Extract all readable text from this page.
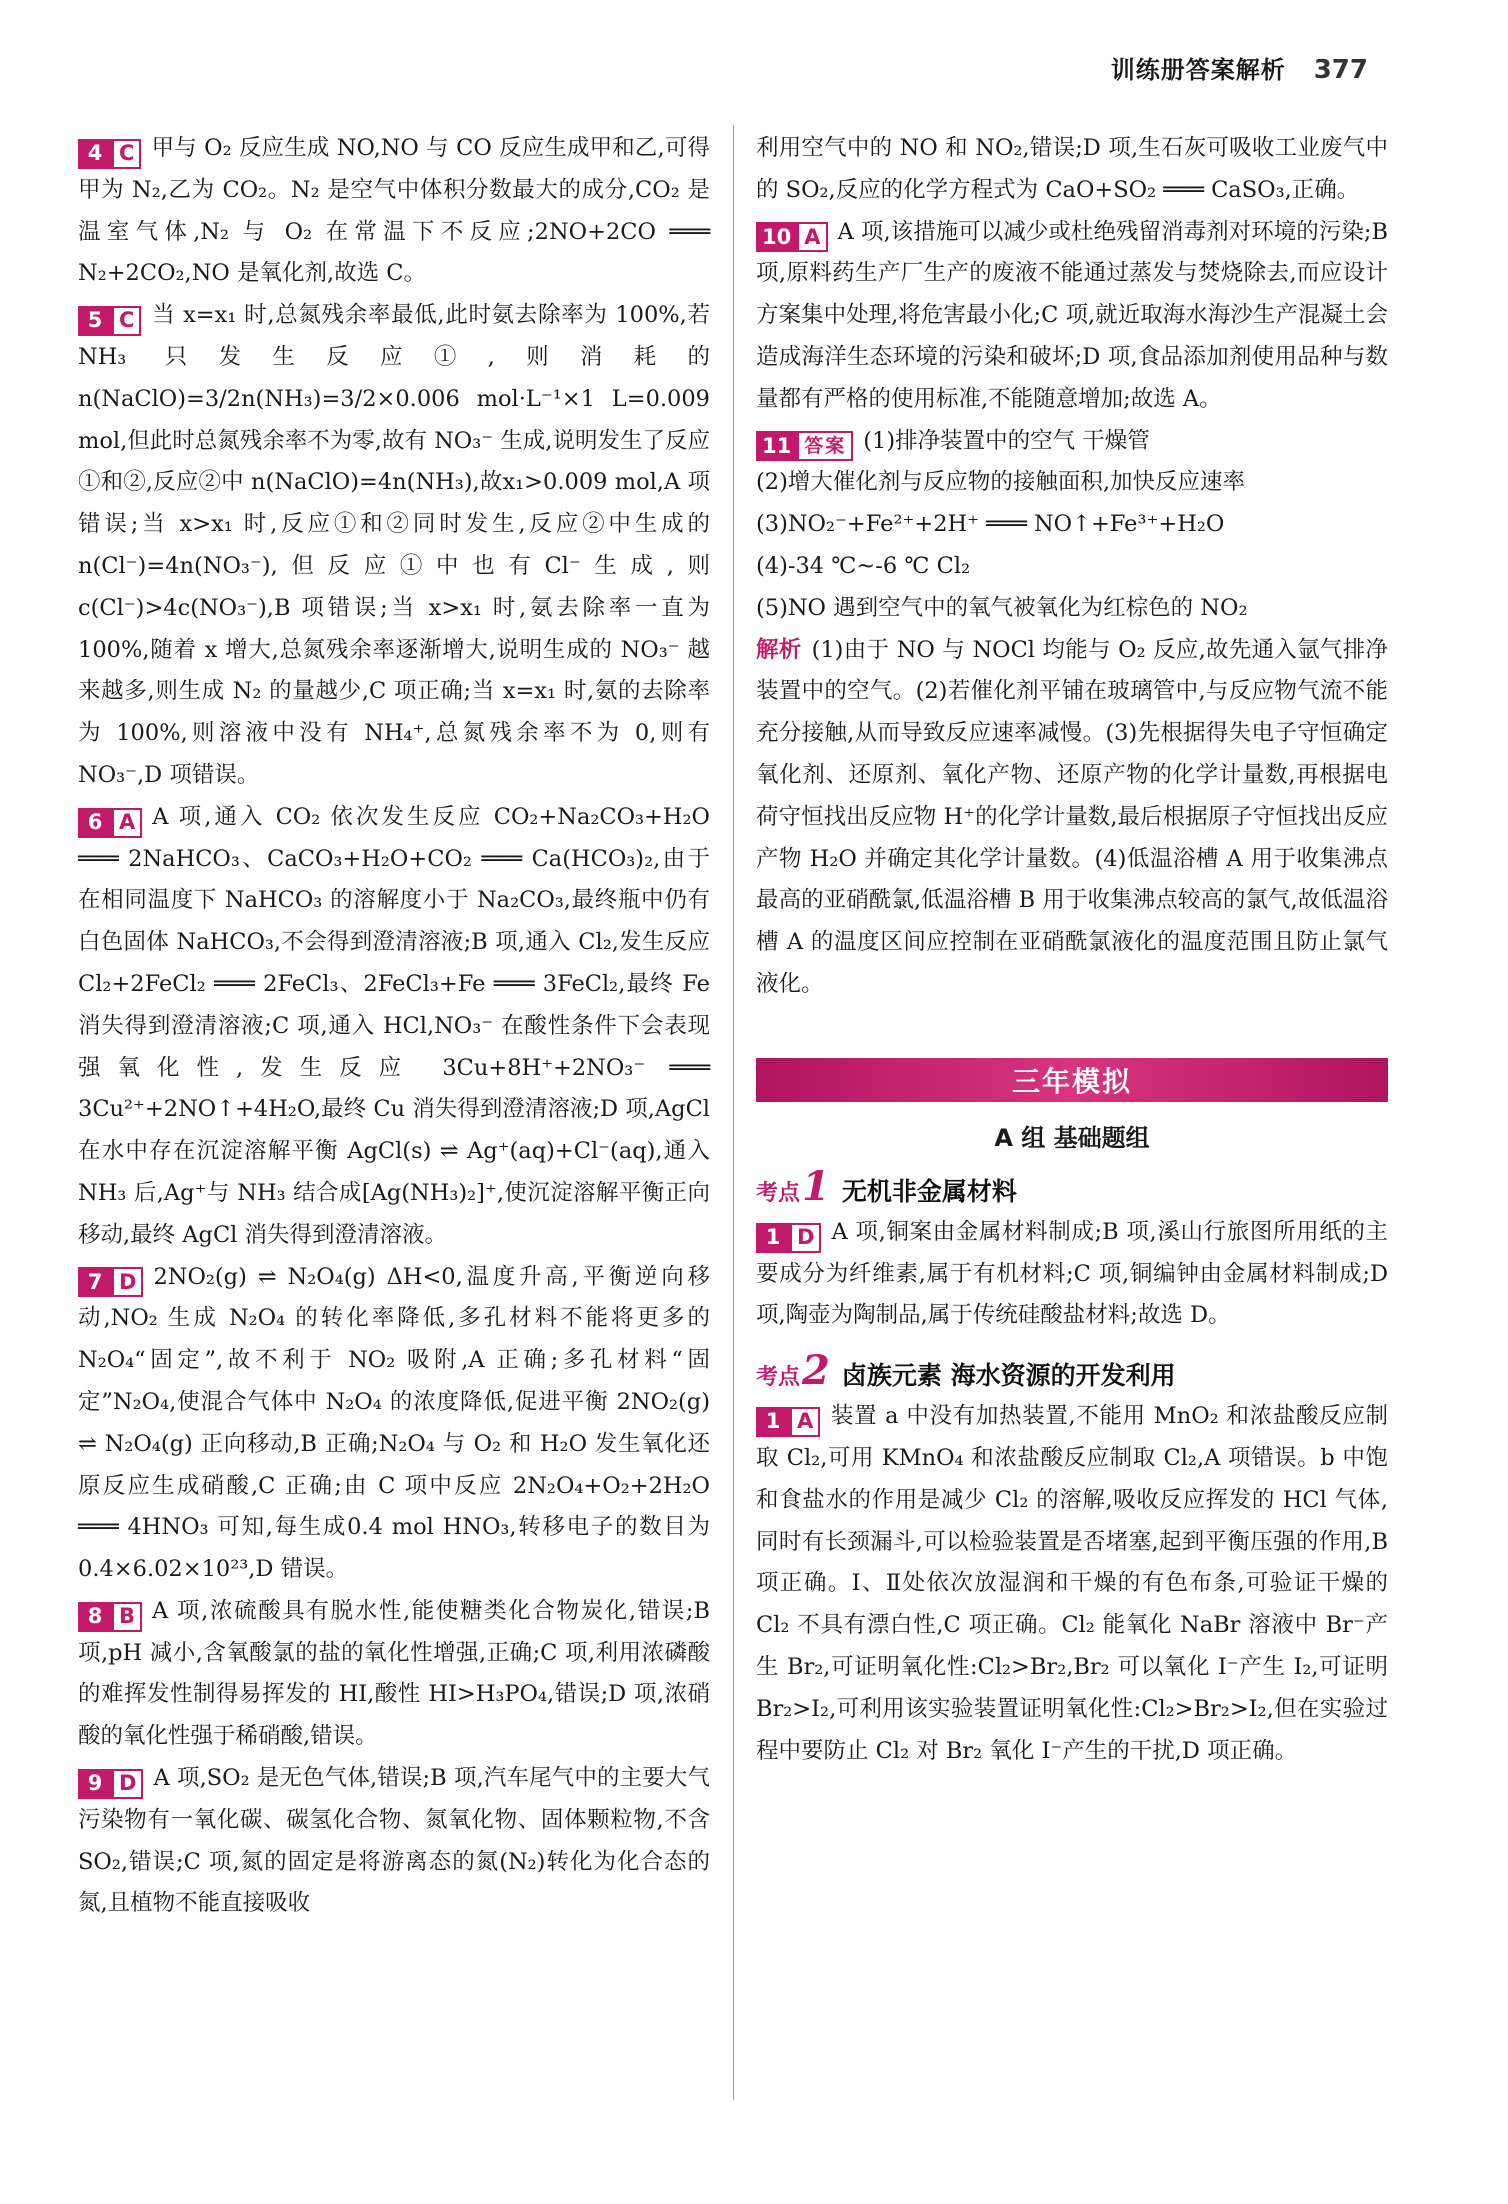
训练册答案解析 377

4 C 甲与 O₂ 反应生成 NO,NO 与 CO 反应生成甲和乙,可得甲为 N₂,乙为 CO₂。N₂ 是空气中体积分数最大的成分,CO₂ 是温室气体,N₂ 与 O₂ 在常温下不反应;2NO+2CO ═══ N₂+2CO₂,NO 是氧化剂,故选 C。

5 C 当 x=x₁ 时,总氮残余率最低,此时氨去除率为 100%,若 NH₃ 只发生反应①,则消耗的 n(NaClO)=3/2n(NH₃)=3/2×0.006 mol·L⁻¹×1 L=0.009 mol,但此时总氮残余率不为零,故有 NO₃⁻ 生成,说明发生了反应①和②,反应②中 n(NaClO)=4n(NH₃),故x₁>0.009 mol,A 项错误;当 x>x₁ 时,反应①和②同时发生,反应②中生成的 n(Cl⁻)=4n(NO₃⁻),但反应①中也有Cl⁻生成,则 c(Cl⁻)>4c(NO₃⁻),B 项错误;当 x>x₁ 时,氨去除率一直为 100%,随着 x 增大,总氮残余率逐渐增大,说明生成的 NO₃⁻ 越来越多,则生成 N₂ 的量越少,C 项正确;当 x=x₁ 时,氨的去除率为 100%,则溶液中没有 NH₄⁺,总氮残余率不为 0,则有 NO₃⁻,D 项错误。

6 A A 项,通入 CO₂ 依次发生反应 CO₂+Na₂CO₃+H₂O ═══ 2NaHCO₃、CaCO₃+H₂O+CO₂ ═══ Ca(HCO₃)₂,由于在相同温度下 NaHCO₃ 的溶解度小于 Na₂CO₃,最终瓶中仍有白色固体 NaHCO₃,不会得到澄清溶液;B 项,通入 Cl₂,发生反应 Cl₂+2FeCl₂ ═══ 2FeCl₃、2FeCl₃+Fe ═══ 3FeCl₂,最终 Fe 消失得到澄清溶液;C 项,通入 HCl,NO₃⁻ 在酸性条件下会表现强氧化性,发生反应 3Cu+8H⁺+2NO₃⁻ ═══ 3Cu²⁺+2NO↑+4H₂O,最终 Cu 消失得到澄清溶液;D 项,AgCl 在水中存在沉淀溶解平衡 AgCl(s) ⇌ Ag⁺(aq)+Cl⁻(aq),通入 NH₃ 后,Ag⁺与 NH₃ 结合成[Ag(NH₃)₂]⁺,使沉淀溶解平衡正向移动,最终 AgCl 消失得到澄清溶液。

7 D 2NO₂(g) ⇌ N₂O₄(g) ΔH<0,温度升高,平衡逆向移动,NO₂ 生成 N₂O₄ 的转化率降低,多孔材料不能将更多的 N₂O₄“固定”,故不利于 NO₂ 吸附,A 正确;多孔材料“固定”N₂O₄,使混合气体中 N₂O₄ 的浓度降低,促进平衡 2NO₂(g) ⇌ N₂O₄(g) 正向移动,B 正确;N₂O₄ 与 O₂ 和 H₂O 发生氧化还原反应生成硝酸,C 正确;由 C 项中反应 2N₂O₄+O₂+2H₂O ═══ 4HNO₃ 可知,每生成0.4 mol HNO₃,转移电子的数目为 0.4×6.02×10²³,D 错误。

8 B A 项,浓硫酸具有脱水性,能使糖类化合物炭化,错误;B 项,pH 减小,含氧酸氯的盐的氧化性增强,正确;C 项,利用浓磷酸的难挥发性制得易挥发的 HI,酸性 HI>H₃PO₄,错误;D 项,浓硝酸的氧化性强于稀硝酸,错误。

9 D A 项,SO₂ 是无色气体,错误;B 项,汽车尾气中的主要大气污染物有一氧化碳、碳氢化合物、氮氧化物、固体颗粒物,不含 SO₂,错误;C 项,氮的固定是将游离态的氮(N₂)转化为化合态的氮,且植物不能直接吸收

利用空气中的 NO 和 NO₂,错误;D 项,生石灰可吸收工业废气中的 SO₂,反应的化学方程式为 CaO+SO₂ ═══ CaSO₃,正确。

10 A A 项,该措施可以减少或杜绝残留消毒剂对环境的污染;B 项,原料药生产厂生产的废液不能通过蒸发与焚烧除去,而应设计方案集中处理,将危害最小化;C 项,就近取海水海沙生产混凝土会造成海洋生态环境的污染和破坏;D 项,食品添加剂使用品种与数量都有严格的使用标准,不能随意增加;故选 A。

11 答案 (1)排净装置中的空气 干燥管

(2)增大催化剂与反应物的接触面积,加快反应速率

(3)NO₂⁻+Fe²⁺+2H⁺ ═══ NO↑+Fe³⁺+H₂O

(4)-34 ℃~-6 ℃ Cl₂

(5)NO 遇到空气中的氧气被氧化为红棕色的 NO₂

解析 (1)由于 NO 与 NOCl 均能与 O₂ 反应,故先通入氩气排净装置中的空气。(2)若催化剂平铺在玻璃管中,与反应物气流不能充分接触,从而导致反应速率减慢。(3)先根据得失电子守恒确定氧化剂、还原剂、氧化产物、还原产物的化学计量数,再根据电荷守恒找出反应物 H⁺的化学计量数,最后根据原子守恒找出反应产物 H₂O 并确定其化学计量数。(4)低温浴槽 A 用于收集沸点最高的亚硝酰氯,低温浴槽 B 用于收集沸点较高的氯气,故低温浴槽 A 的温度区间应控制在亚硝酰氯液化的温度范围且防止氯气液化。

三年模拟
A 组 基础题组
考点 1 无机非金属材料

1 D A 项,铜案由金属材料制成;B 项,溪山行旅图所用纸的主要成分为纤维素,属于有机材料;C 项,铜编钟由金属材料制成;D 项,陶壶为陶制品,属于传统硅酸盐材料;故选 D。

考点 2 卤族元素 海水资源的开发利用

1 A 装置 a 中没有加热装置,不能用 MnO₂ 和浓盐酸反应制取 Cl₂,可用 KMnO₄ 和浓盐酸反应制取 Cl₂,A 项错误。b 中饱和食盐水的作用是减少 Cl₂ 的溶解,吸收反应挥发的 HCl 气体,同时有长颈漏斗,可以检验装置是否堵塞,起到平衡压强的作用,B 项正确。Ⅰ、Ⅱ处依次放湿润和干燥的有色布条,可验证干燥的 Cl₂ 不具有漂白性,C 项正确。Cl₂ 能氧化 NaBr 溶液中 Br⁻产生 Br₂,可证明氧化性:Cl₂>Br₂,Br₂ 可以氧化 I⁻产生 I₂,可证明 Br₂>I₂,可利用该实验装置证明氧化性:Cl₂>Br₂>I₂,但在实验过程中要防止 Cl₂ 对 Br₂ 氧化 I⁻产生的干扰,D 项正确。
